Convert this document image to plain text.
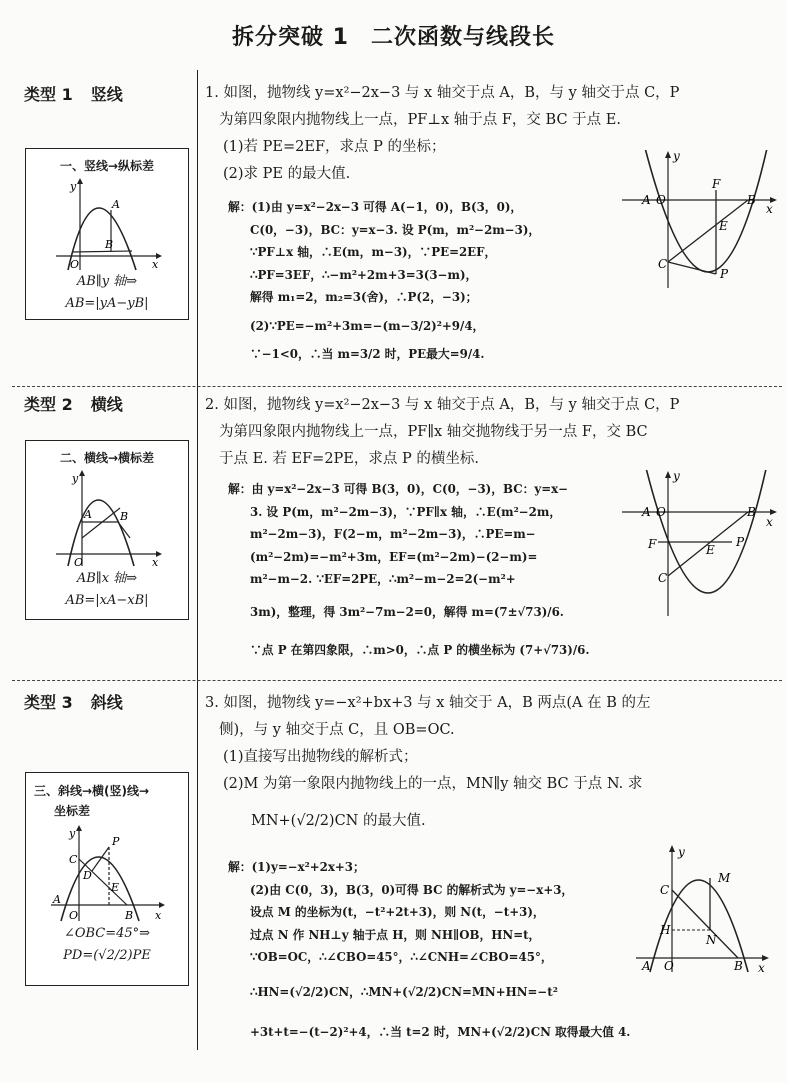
拆分突破 1 二次函数与线段长
类型 1 竖线
一、竖线→纵标差
y
x
O
A
B
AB∥y 轴⇒
AB=|yA−yB|

1. 如图，抛物线 y=x²−2x−3 与 x 轴交于点 A，B，与 y 轴交于点 C，P

为第四象限内抛物线上一点，PF⊥x 轴于点 F，交 BC 于点 E.

(1)若 PE=2EF，求点 P 的坐标；

(2)求 PE 的最大值.

解：(1)由 y=x²−2x−3 可得 A(−1，0)，B(3，0)，
C(0，−3)，BC：y=x−3. 设 P(m，m²−2m−3)，
∵PF⊥x 轴，∴E(m，m−3)，∵PE=2EF，
∴PF=3EF，∴−m²+2m+3=3(3−m)，
解得 m₁=2，m₂=3(舍)，∴P(2，−3)；
(2)∵PE=−m²+3m=−(m−3/2)²+9/4，
∵−1<0，∴当 m=3/2 时，PE最大=9/4.
y
x
A O	B
F
E
C
P
类型 2 横线
二、横线→横标差
y
x
O
A	B
AB∥x 轴⇒
AB=|xA−xB|

2. 如图，抛物线 y=x²−2x−3 与 x 轴交于点 A，B，与 y 轴交于点 C，P

为第四象限内抛物线上一点，PF∥x 轴交抛物线于另一点 F，交 BC

于点 E. 若 EF=2PE，求点 P 的横坐标.

解：由 y=x²−2x−3 可得 B(3，0)，C(0，−3)，BC：y=x−
3. 设 P(m，m²−2m−3)，∵PF∥x 轴，∴E(m²−2m，
m²−2m−3)，F(2−m，m²−2m−3)，∴PE=m−
(m²−2m)=−m²+3m，EF=(m²−2m)−(2−m)=
m²−m−2. ∵EF=2PE，∴m²−m−2=2(−m²+
3m)，整理，得 3m²−7m−2=0，解得 m=(7±√73)/6.
∵点 P 在第四象限，∴m>0，∴点 P 的横坐标为 (7+√73)/6.
y
x
A O	B
F	E
P
C
类型 3 斜线
三、斜线→横(竖)线→
坐标差
y
x
A
O	B
C
P
D
E
∠OBC=45°⇒
PD=(√2/2)PE

3. 如图，抛物线 y=−x²+bx+3 与 x 轴交于 A，B 两点(A 在 B 的左

侧)，与 y 轴交于点 C，且 OB=OC.

(1)直接写出抛物线的解析式；

(2)M 为第一象限内抛物线上的一点，MN∥y 轴交 BC 于点 N. 求

MN+(√2/2)CN 的最大值.

解：(1)y=−x²+2x+3；
(2)由 C(0，3)，B(3，0)可得 BC 的解析式为 y=−x+3，
设点 M 的坐标为(t，−t²+2t+3)，则 N(t，−t+3)，
过点 N 作 NH⊥y 轴于点 H，则 NH∥OB，HN=t，
∵OB=OC，∴∠CBO=45°，∴∠CNH=∠CBO=45°，
∴HN=(√2/2)CN，∴MN+(√2/2)CN=MN+HN=−t²
+3t+t=−(t−2)²+4，∴当 t=2 时，MN+(√2/2)CN 取得最大值 4.
y
x
C
M
H
N
A O	B
